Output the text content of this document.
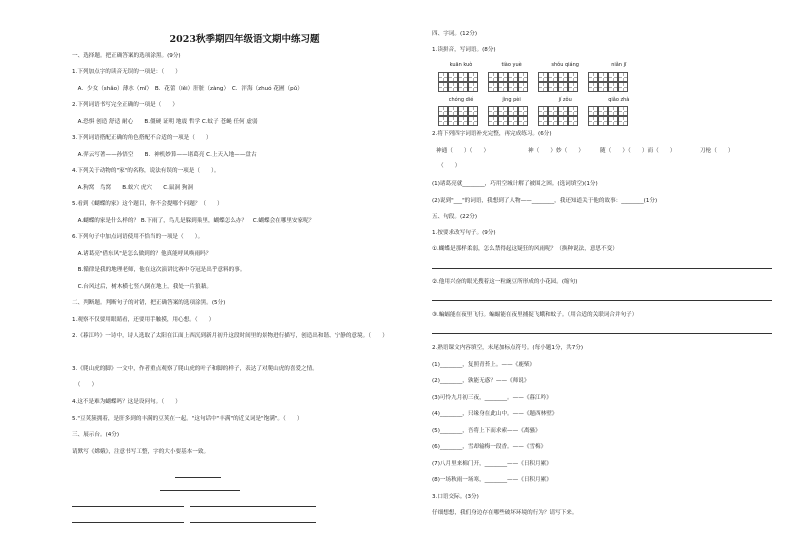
2023秋季期四年级语文期中练习题
一、选择题。把正确答案的选项涂黑。(9分)
1.下列加点字的读音无误的一项是：（　　）
　A．少女（shǎo）薄水（mǐ）　B．花蕾（lěi）肝脏（zàng）　C．泙海（zhuó 花圃（pǔ）
2.下列词语书写完全正确的一项是（　　）
　A.恐惧 创造 舒适 耐心　　B.僵硬 证明 地震 哲学 C.蚊子 苍蝇 任何 虚弱
3.下列词语搭配正确的角色搭配不合适的一项是（　　）
　A.羿云写著——孙悟空　　B．神机妙算——诸葛亮 C.上天入地——盘古
4.下列关于动物的"家"的名称，说法有误的一项是（　　）。
　A.狗窝　鸟窝　　B.蚁穴 虎穴　　C.鼠洞 狗洞
5.看到《蝴蝶的家》这个题目，你不会提哪个问题？（　　）
　A.蝴蝶的家是什么样的？ B.下雨了，鸟儿是躲到巢里，蝴蝶怎么办？　C.蝴蝶会在哪里安家呢？
6.下列句子中加点词语使用不恰当的一项是（　　）。
　A.诸葛亮"借东风"是怎么做到的？他真能呼风唤雨吗？
　B.循律是我的地理老师，他在这次演讲比赛中夺冠是出乎意料的事。
　C.台风过后，树木横七竖八倒在地上，我处一片狼藉。
二、判断题。判断句子的对错，把正确答案的选项涂黑。(5分)
1.观察不仅要用眼睛看，还要用手触摸，用心想。（　　）
2.《暮江吟》一诗中，诗人选取了太阳在江面上西沉到新月初升这段时间里的景物进行描写，创造出和谐、宁静的意境。（　　）
3.《爬山虎的脚》一文中，作者重点观察了爬山虎的叶子和脚的样子，表达了对爬山虎的喜爱之情。
　（　　）
4.这不是难为蝴蝶吗？这是设问句。（　　）
5."豆荚簇拥着，是肝多到的丰满的豆荚在一起。"这句话中"丰满"的近义词是"饱满"。（　　）
三、展示台。(4分)
请默写《嫦娥》，注意书写工整，字的大小要基本一致。
四、字词。(12分)
1.读拼音，写词语。(8分)
kuān kuò	tiào yuè	shǒu qiáng	niǎn jī
chóng dié	jìng pèi	jí zǒu	qiǎo zhà
2.将下列四字词语补充完整，再完成练习。(6分)
神通（　　）（　　）	神（　　）妙（　　）	随（　　）（　　）而（　　）	刀枪（　　）
（　　）
(1)诸葛亮就________，巧用空城计解了被围之困。(选词填空)(1分)
(2)说到"___"的词语，我想到了人物——________，我还知道关于他的故事：________(1分)
五、句段。(22分)
1.按要求改写句子。(9分)
①.蝴蝶是那样柔弱，怎么禁得起这疑狂的风雨呢？（换种说法，意思不变）
②.他用兴奋的眼光搜着这一粒豌豆所形成的小花园。(缩句)
③.蝙蝠能在夜里飞行。蝙蝠能在夜里捕捉飞蛾和蚊子。（用合适的关联词合并句子）
2.熟语课文内容填空，未尾加标点符号。(每小题1分，共7分)
(1)________，复照青苔上。——《鹿柴》
(2)________，孰能无惑？——《师说》
(3)可怜九月初三夜，________。——《暮江吟》
(4)________，只缘身在此山中。——《题西林壁》
(5)________，吾将上下而求索——《离骚》
(6)________，雪却输梅一段香。——《雪梅》
(7)八月里来棉门开，________——《日积月累》
(8)一场秋雨一场寒，________——《日积月累》
3.口语交际。(3分)
仔细想想，我们身边存在哪些破坏环境的行为？请写下来。
